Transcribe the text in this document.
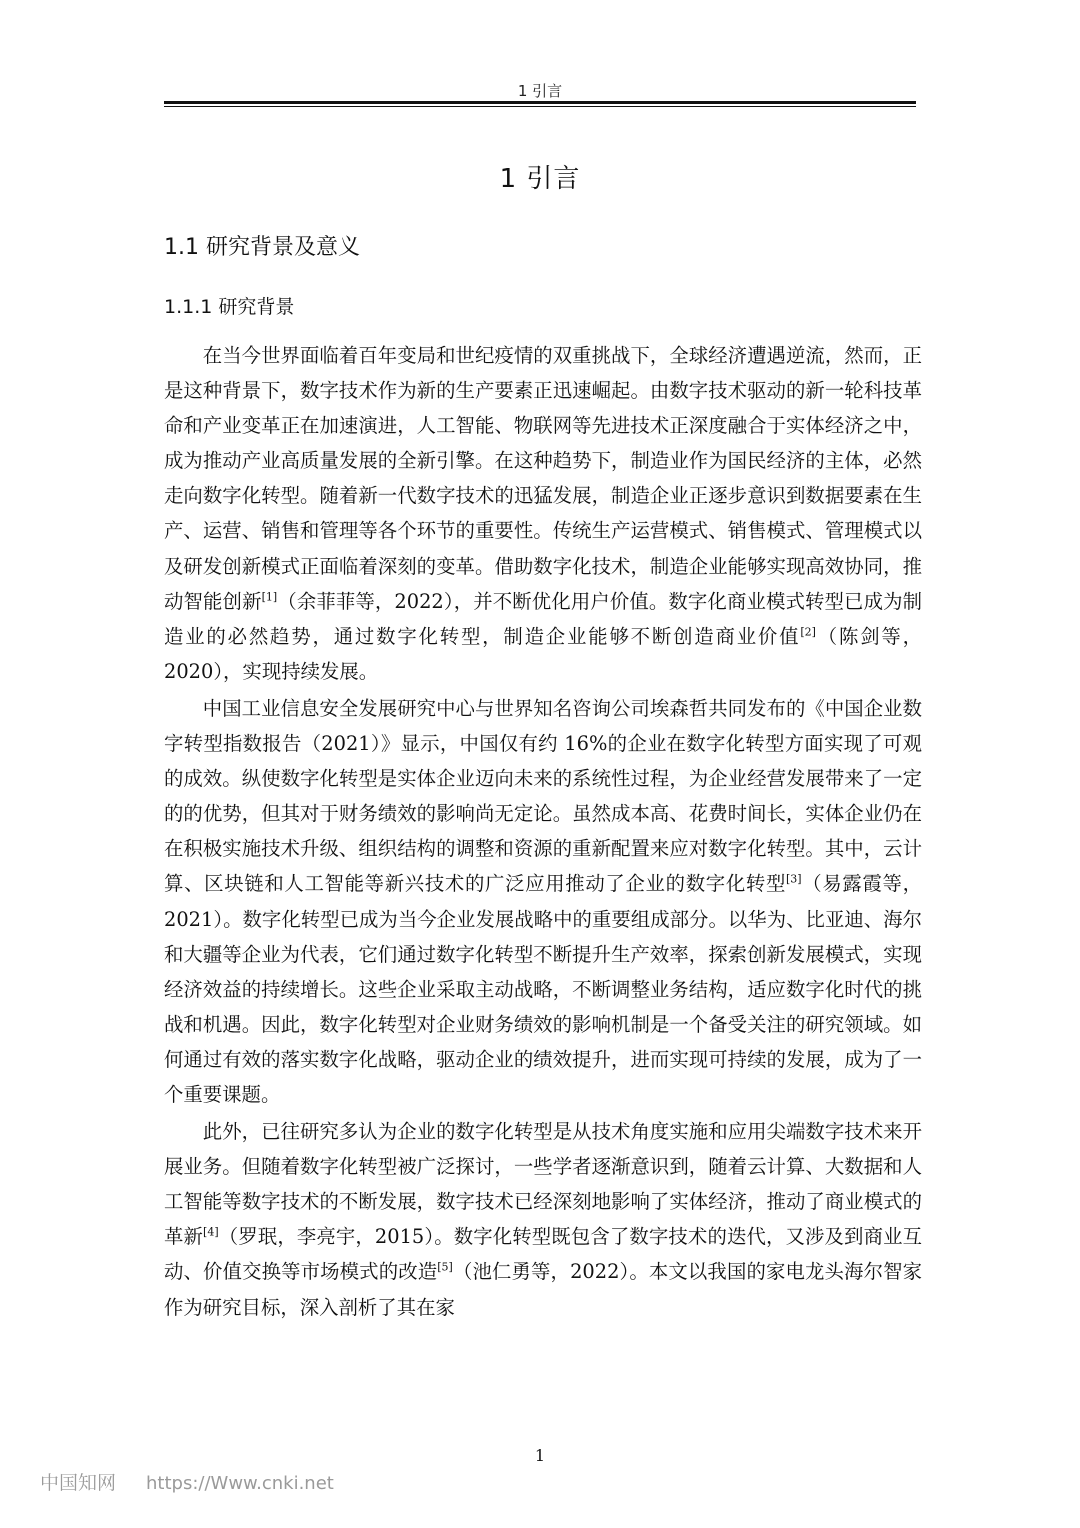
1 引言
1 引言
1.1 研究背景及意义
1.1.1 研究背景

在当今世界面临着百年变局和世纪疫情的双重挑战下，全球经济遭遇逆流，然而，正是这种背景下，数字技术作为新的生产要素正迅速崛起。由数字技术驱动的新一轮科技革命和产业变革正在加速演进，人工智能、物联网等先进技术正深度融合于实体经济之中，成为推动产业高质量发展的全新引擎。在这种趋势下，制造业作为国民经济的主体，必然走向数字化转型。随着新一代数字技术的迅猛发展，制造企业正逐步意识到数据要素在生产、运营、销售和管理等各个环节的重要性。传统生产运营模式、销售模式、管理模式以及研发创新模式正面临着深刻的变革。借助数字化技术，制造企业能够实现高效协同，推动智能创新[1]（余菲菲等，2022），并不断优化用户价值。数字化商业模式转型已成为制造业的必然趋势，通过数字化转型，制造企业能够不断创造商业价值[2]（陈剑等，2020），实现持续发展。

中国工业信息安全发展研究中心与世界知名咨询公司埃森哲共同发布的《中国企业数字转型指数报告（2021）》显示，中国仅有约 16%的企业在数字化转型方面实现了可观的成效。纵使数字化转型是实体企业迈向未来的系统性过程，为企业经营发展带来了一定的的优势，但其对于财务绩效的影响尚无定论。虽然成本高、花费时间长，实体企业仍在在积极实施技术升级、组织结构的调整和资源的重新配置来应对数字化转型。其中，云计算、区块链和人工智能等新兴技术的广泛应用推动了企业的数字化转型[3]（易露霞等，2021）。数字化转型已成为当今企业发展战略中的重要组成部分。以华为、比亚迪、海尔和大疆等企业为代表，它们通过数字化转型不断提升生产效率，探索创新发展模式，实现经济效益的持续增长。这些企业采取主动战略，不断调整业务结构，适应数字化时代的挑战和机遇。因此，数字化转型对企业财务绩效的影响机制是一个备受关注的研究领域。如何通过有效的落实数字化战略，驱动企业的绩效提升，进而实现可持续的发展，成为了一个重要课题。

此外，已往研究多认为企业的数字化转型是从技术角度实施和应用尖端数字技术来开展业务。但随着数字化转型被广泛探讨，一些学者逐渐意识到，随着云计算、大数据和人工智能等数字技术的不断发展，数字技术已经深刻地影响了实体经济，推动了商业模式的革新[4]（罗珉，李亮宇，2015）。数字化转型既包含了数字技术的迭代，又涉及到商业互动、价值交换等市场模式的改造[5]（池仁勇等，2022）。本文以我国的家电龙头海尔智家作为研究目标，深入剖析了其在家

1
中国知网 https://Www.cnki.net
